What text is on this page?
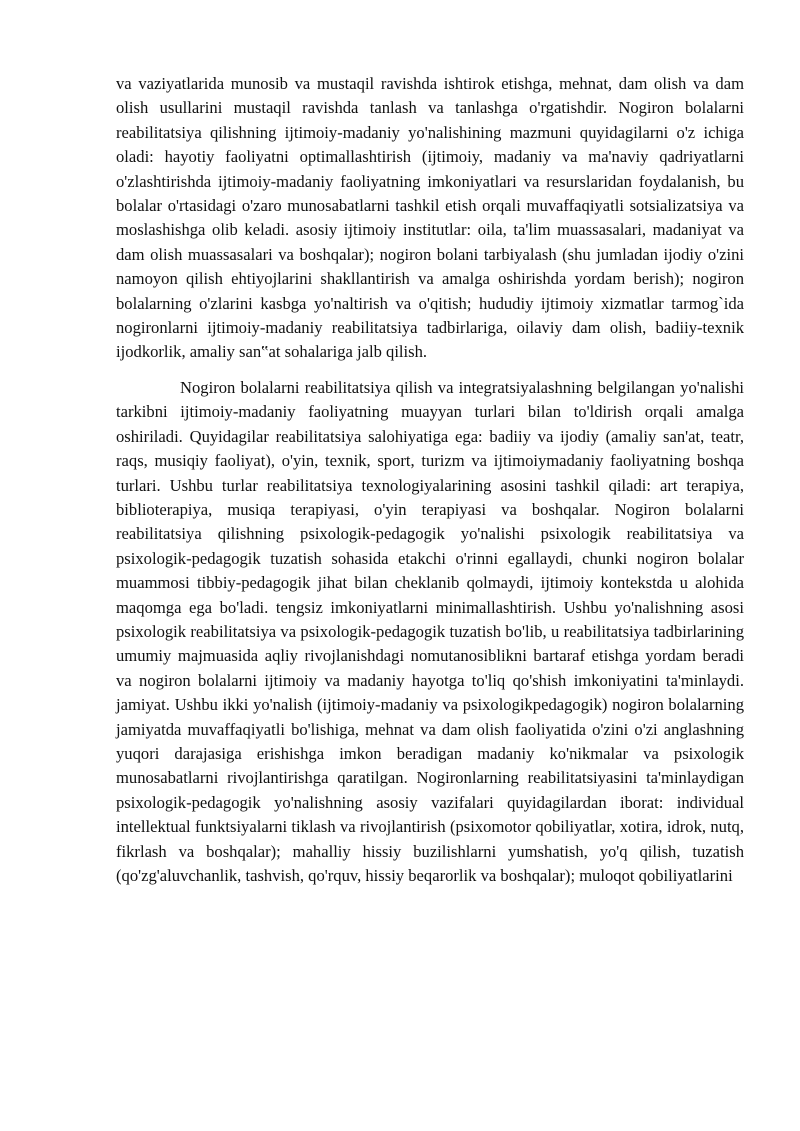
va vaziyatlarida munosib va mustaqil ravishda ishtirok etishga, mehnat, dam olish va dam olish usullarini mustaqil ravishda tanlash va tanlashga o'rgatishdir. Nogiron bolalarni reabilitatsiya qilishning ijtimoiy-madaniy yo'nalishining mazmuni quyidagilarni o'z ichiga oladi: hayotiy faoliyatni optimallashtirish (ijtimoiy, madaniy va ma'naviy qadriyatlarni o'zlashtirishda ijtimoiy-madaniy faoliyatning imkoniyatlari va resurslaridan foydalanish, bu bolalar o'rtasidagi o'zaro munosabatlarni tashkil etish orqali muvaffaqiyatli sotsializatsiya va moslashishga olib keladi. asosiy ijtimoiy institutlar: oila, ta'lim muassasalari, madaniyat va dam olish muassasalari va boshqalar); nogiron bolani tarbiyalash (shu jumladan ijodiy o'zini namoyon qilish ehtiyojlarini shakllantirish va amalga oshirishda yordam berish); nogiron bolalarning o'zlarini kasbga yo'naltirish va o'qitish; hududiy ijtimoiy xizmatlar tarmog`ida nogironlarni ijtimoiy-madaniy reabilitatsiya tadbirlariga, oilaviy dam olish, badiiy-texnik ijodkorlik, amaliy san‟at sohalariga jalb qilish.

Nogiron bolalarni reabilitatsiya qilish va integratsiyalashning belgilangan yo'nalishi tarkibni ijtimoiy-madaniy faoliyatning muayyan turlari bilan to'ldirish orqali amalga oshiriladi. Quyidagilar reabilitatsiya salohiyatiga ega: badiiy va ijodiy (amaliy san'at, teatr, raqs, musiqiy faoliyat), o'yin, texnik, sport, turizm va ijtimoiymadaniy faoliyatning boshqa turlari. Ushbu turlar reabilitatsiya texnologiyalarining asosini tashkil qiladi: art terapiya, biblioterapiya, musiqa terapiyasi, o'yin terapiyasi va boshqalar. Nogiron bolalarni reabilitatsiya qilishning psixologik-pedagogik yo'nalishi psixologik reabilitatsiya va psixologik-pedagogik tuzatish sohasida etakchi o'rinni egallaydi, chunki nogiron bolalar muammosi tibbiy-pedagogik jihat bilan cheklanib qolmaydi, ijtimoiy kontekstda u alohida maqomga ega bo'ladi. tengsiz imkoniyatlarni minimallashtirish. Ushbu yo'nalishning asosi psixologik reabilitatsiya va psixologik-pedagogik tuzatish bo'lib, u reabilitatsiya tadbirlarining umumiy majmuasida aqliy rivojlanishdagi nomutanosiblikni bartaraf etishga yordam beradi va nogiron bolalarni ijtimoiy va madaniy hayotga to'liq qo'shish imkoniyatini ta'minlaydi. jamiyat. Ushbu ikki yo'nalish (ijtimoiy-madaniy va psixologikpedagogik) nogiron bolalarning jamiyatda muvaffaqiyatli bo'lishiga, mehnat va dam olish faoliyatida o'zini o'zi anglashning yuqori darajasiga erishishga imkon beradigan madaniy ko'nikmalar va psixologik munosabatlarni rivojlantirishga qaratilgan. Nogironlarning reabilitatsiyasini ta'minlaydigan psixologik-pedagogik yo'nalishning asosiy vazifalari quyidagilardan iborat: individual intellektual funktsiyalarni tiklash va rivojlantirish (psixomotor qobiliyatlar, xotira, idrok, nutq, fikrlash va boshqalar); mahalliy hissiy buzilishlarni yumshatish, yo'q qilish, tuzatish (qo'zg'aluvchanlik, tashvish, qo'rquv, hissiy beqarorlik va boshqalar); muloqot qobiliyatlarini
